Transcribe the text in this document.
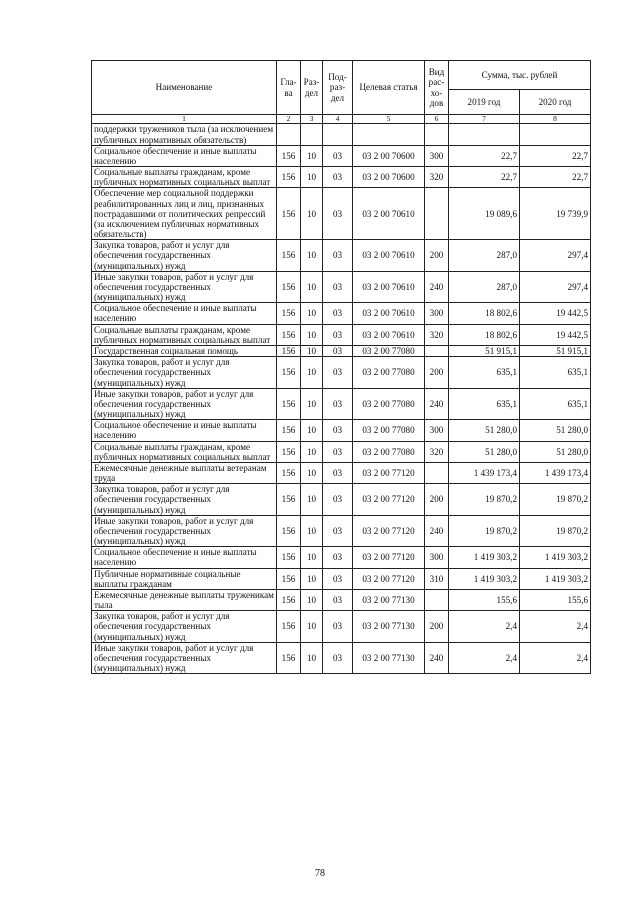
Наименование	Гла-ва	Раз-дел	Под-раз-дел	Целевая статья	Вид рас-хо-дов	Сумма, тыс. рублей	
						2019 год	2020 год
1	2	3	4	5	6	7	8
поддержки тружеников тыла (за исключением публичных нормативных обязательств)							
Социальное обеспечение и иные выплаты населению	156	10	03	03 2 00 70600	300	22,7	22,7
Социальные выплаты гражданам, кроме публичных нормативных социальных выплат	156	10	03	03 2 00 70600	320	22,7	22,7
Обеспечение мер социальной поддержки реабилитированных лиц и лиц, признанных пострадавшими от политических репрессий (за исключением публичных нормативных обязательств)	156	10	03	03 2 00 70610		19 089,6	19 739,9
Закупка товаров, работ и услуг для обеспечения государственных (муниципальных) нужд	156	10	03	03 2 00 70610	200	287,0	297,4
Иные закупки товаров, работ и услуг для обеспечения государственных (муниципальных) нужд	156	10	03	03 2 00 70610	240	287,0	297,4
Социальное обеспечение и иные выплаты населению	156	10	03	03 2 00 70610	300	18 802,6	19 442,5
Социальные выплаты гражданам, кроме публичных нормативных социальных выплат	156	10	03	03 2 00 70610	320	18 802,6	19 442,5
Государственная социальная помощь	156	10	03	03 2 00 77080		51 915,1	51 915,1
Закупка товаров, работ и услуг для обеспечения государственных (муниципальных) нужд	156	10	03	03 2 00 77080	200	635,1	635,1
Иные закупки товаров, работ и услуг для обеспечения государственных (муниципальных) нужд	156	10	03	03 2 00 77080	240	635,1	635,1
Социальное обеспечение и иные выплаты населению	156	10	03	03 2 00 77080	300	51 280,0	51 280,0
Социальные выплаты гражданам, кроме публичных нормативных социальных выплат	156	10	03	03 2 00 77080	320	51 280,0	51 280,0
Ежемесячные денежные выплаты ветеранам труда	156	10	03	03 2 00 77120		1 439 173,4	1 439 173,4
Закупка товаров, работ и услуг для обеспечения государственных (муниципальных) нужд	156	10	03	03 2 00 77120	200	19 870,2	19 870,2
Иные закупки товаров, работ и услуг для обеспечения государственных (муниципальных) нужд	156	10	03	03 2 00 77120	240	19 870,2	19 870,2
Социальное обеспечение и иные выплаты населению	156	10	03	03 2 00 77120	300	1 419 303,2	1 419 303,2
Публичные нормативные социальные выплаты гражданам	156	10	03	03 2 00 77120	310	1 419 303,2	1 419 303,2
Ежемесячные денежные выплаты труженикам тыла	156	10	03	03 2 00 77130		155,6	155,6
Закупка товаров, работ и услуг для обеспечения государственных (муниципальных) нужд	156	10	03	03 2 00 77130	200	2,4	2,4
Иные закупки товаров, работ и услуг для обеспечения государственных (муниципальных) нужд	156	10	03	03 2 00 77130	240	2,4	2,4
78
